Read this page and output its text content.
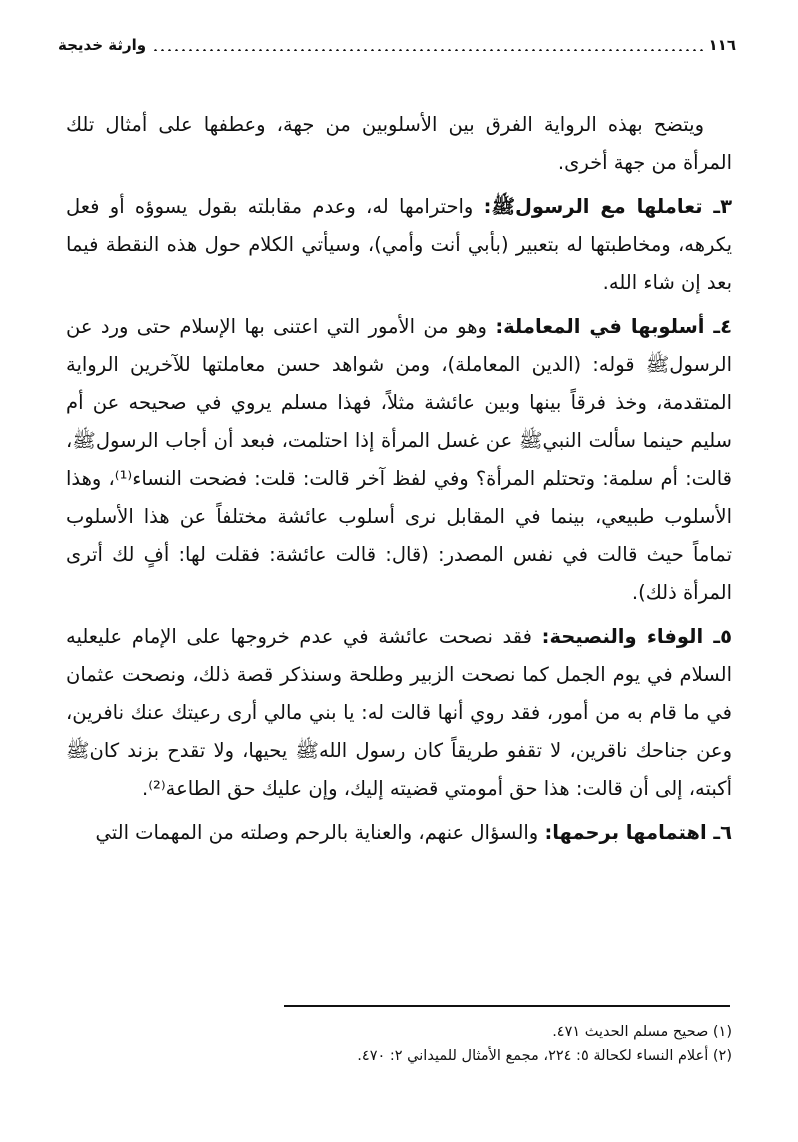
١١٦
وارثة خديجة

ويتضح بهذه الرواية الفرق بين الأسلوبين من جهة، وعطفها على أمثال تلك المرأة من جهة أخرى.

٣ـ تعاملها مع الرسولﷺ: واحترامها له، وعدم مقابلته بقول يسوؤه أو فعل يكرهه، ومخاطبتها له بتعبير (بأبي أنت وأمي)، وسيأتي الكلام حول هذه النقطة فيما بعد إن شاء الله.

٤ـ أسلوبها في المعاملة: وهو من الأمور التي اعتنى بها الإسلام حتى ورد عن الرسولﷺ قوله: (الدين المعاملة)، ومن شواهد حسن معاملتها للآخرين الرواية المتقدمة، وخذ فرقاً بينها وبين عائشة مثلاً، فهذا مسلم يروي في صحيحه عن أم سليم حينما سألت النبيﷺ عن غسل المرأة إذا احتلمت، فبعد أن أجاب الرسولﷺ، قالت: أم سلمة: وتحتلم المرأة؟ وفي لفظ آخر قالت: قلت: فضحت النساء⁽¹⁾، وهذا الأسلوب طبيعي، بينما في المقابل نرى أسلوب عائشة مختلفاً عن هذا الأسلوب تماماً حيث قالت في نفس المصدر: (قال: قالت عائشة: فقلت لها: أفٍ لك أترى المرأة ذلك).

٥ـ الوفاء والنصيحة: فقد نصحت عائشة في عدم خروجها على الإمام عليعليه السلام في يوم الجمل كما نصحت الزبير وطلحة وسنذكر قصة ذلك، ونصحت عثمان في ما قام به من أمور، فقد روي أنها قالت له: يا بني مالي أرى رعيتك عنك نافرين، وعن جناحك ناقرين، لا تقفو طريقاً كان رسول اللهﷺ يحيها، ولا تقدح بزند كانﷺ أكبته، إلى أن قالت: هذا حق أمومتي قضيته إليك، وإن عليك حق الطاعة⁽²⁾.

٦ـ اهتمامها برحمها: والسؤال عنهم، والعناية بالرحم وصلته من المهمات التي

(١) صحيح مسلم الحديث ٤٧١.
(٢) أعلام النساء لكحالة ٥: ٢٢٤، مجمع الأمثال للميداني ٢: ٤٧٠.
